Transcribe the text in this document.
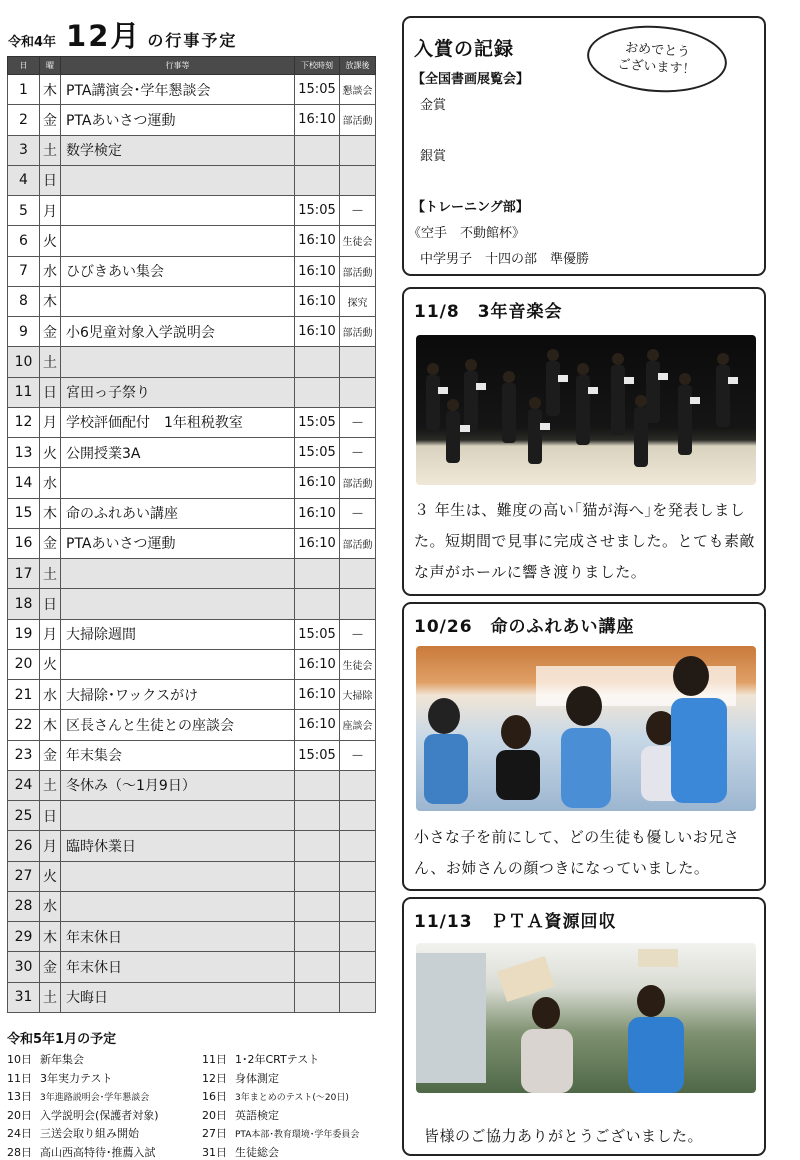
令和4年 12月 の行事予定
日	曜	行事等	下校時刻	放課後
1	木	PTA講演会･学年懇談会	15:05	懇談会
2	金	PTAあいさつ運動	16:10	部活動
3	土	数学検定		
4	日			
5	月		15:05	―
6	火		16:10	生徒会
7	水	ひびきあい集会	16:10	部活動
8	木		16:10	探究
9	金	小6児童対象入学説明会	16:10	部活動
10	土			
11	日	宮田っ子祭り		
12	月	学校評価配付　1年租税教室	15:05	―
13	火	公開授業3A	15:05	―
14	水		16:10	部活動
15	木	命のふれあい講座	16:10	―
16	金	PTAあいさつ運動	16:10	部活動
17	土			
18	日			
19	月	大掃除週間	15:05	―
20	火		16:10	生徒会
21	水	大掃除･ワックスがけ	16:10	大掃除
22	木	区長さんと生徒との座談会	16:10	座談会
23	金	年末集会	15:05	―
24	土	冬休み（～1月9日）		
25	日			
26	月	臨時休業日		
27	火			
28	水			
29	木	年末休日		
30	金	年末休日		
31	土	大晦日		
令和5年1月の予定
10日 新年集会	11日 1･2年CRTテスト
11日 3年実力テスト	12日 身体測定
13日 3年進路説明会･学年懇談会	16日 3年まとめのテスト(～20日)
20日 入学説明会(保護者対象)	20日 英語検定
24日 三送会取り組み開始	27日 PTA本部･教育環境･学年委員会
28日 高山西高特待･推薦入試	31日 生徒総会
入賞の記録	おめでとう
ございます！
【全国書画展覧会】
金賞
銀賞
【トレーニング部】
《空手　不動館杯》
中学男子　十四の部　準優勝
11/8　3年音楽会
３ 年生は、難度の高い｢猫が海へ｣を発表しました。短期間で見事に完成させました。とても素敵な声がホールに響き渡りました。
10/26　命のふれあい講座
小さな子を前にして、どの生徒も優しいお兄さん、お姉さんの顔つきになっていました。
11/13　ＰＴＡ資源回収
皆様のご協力ありがとうございました。
